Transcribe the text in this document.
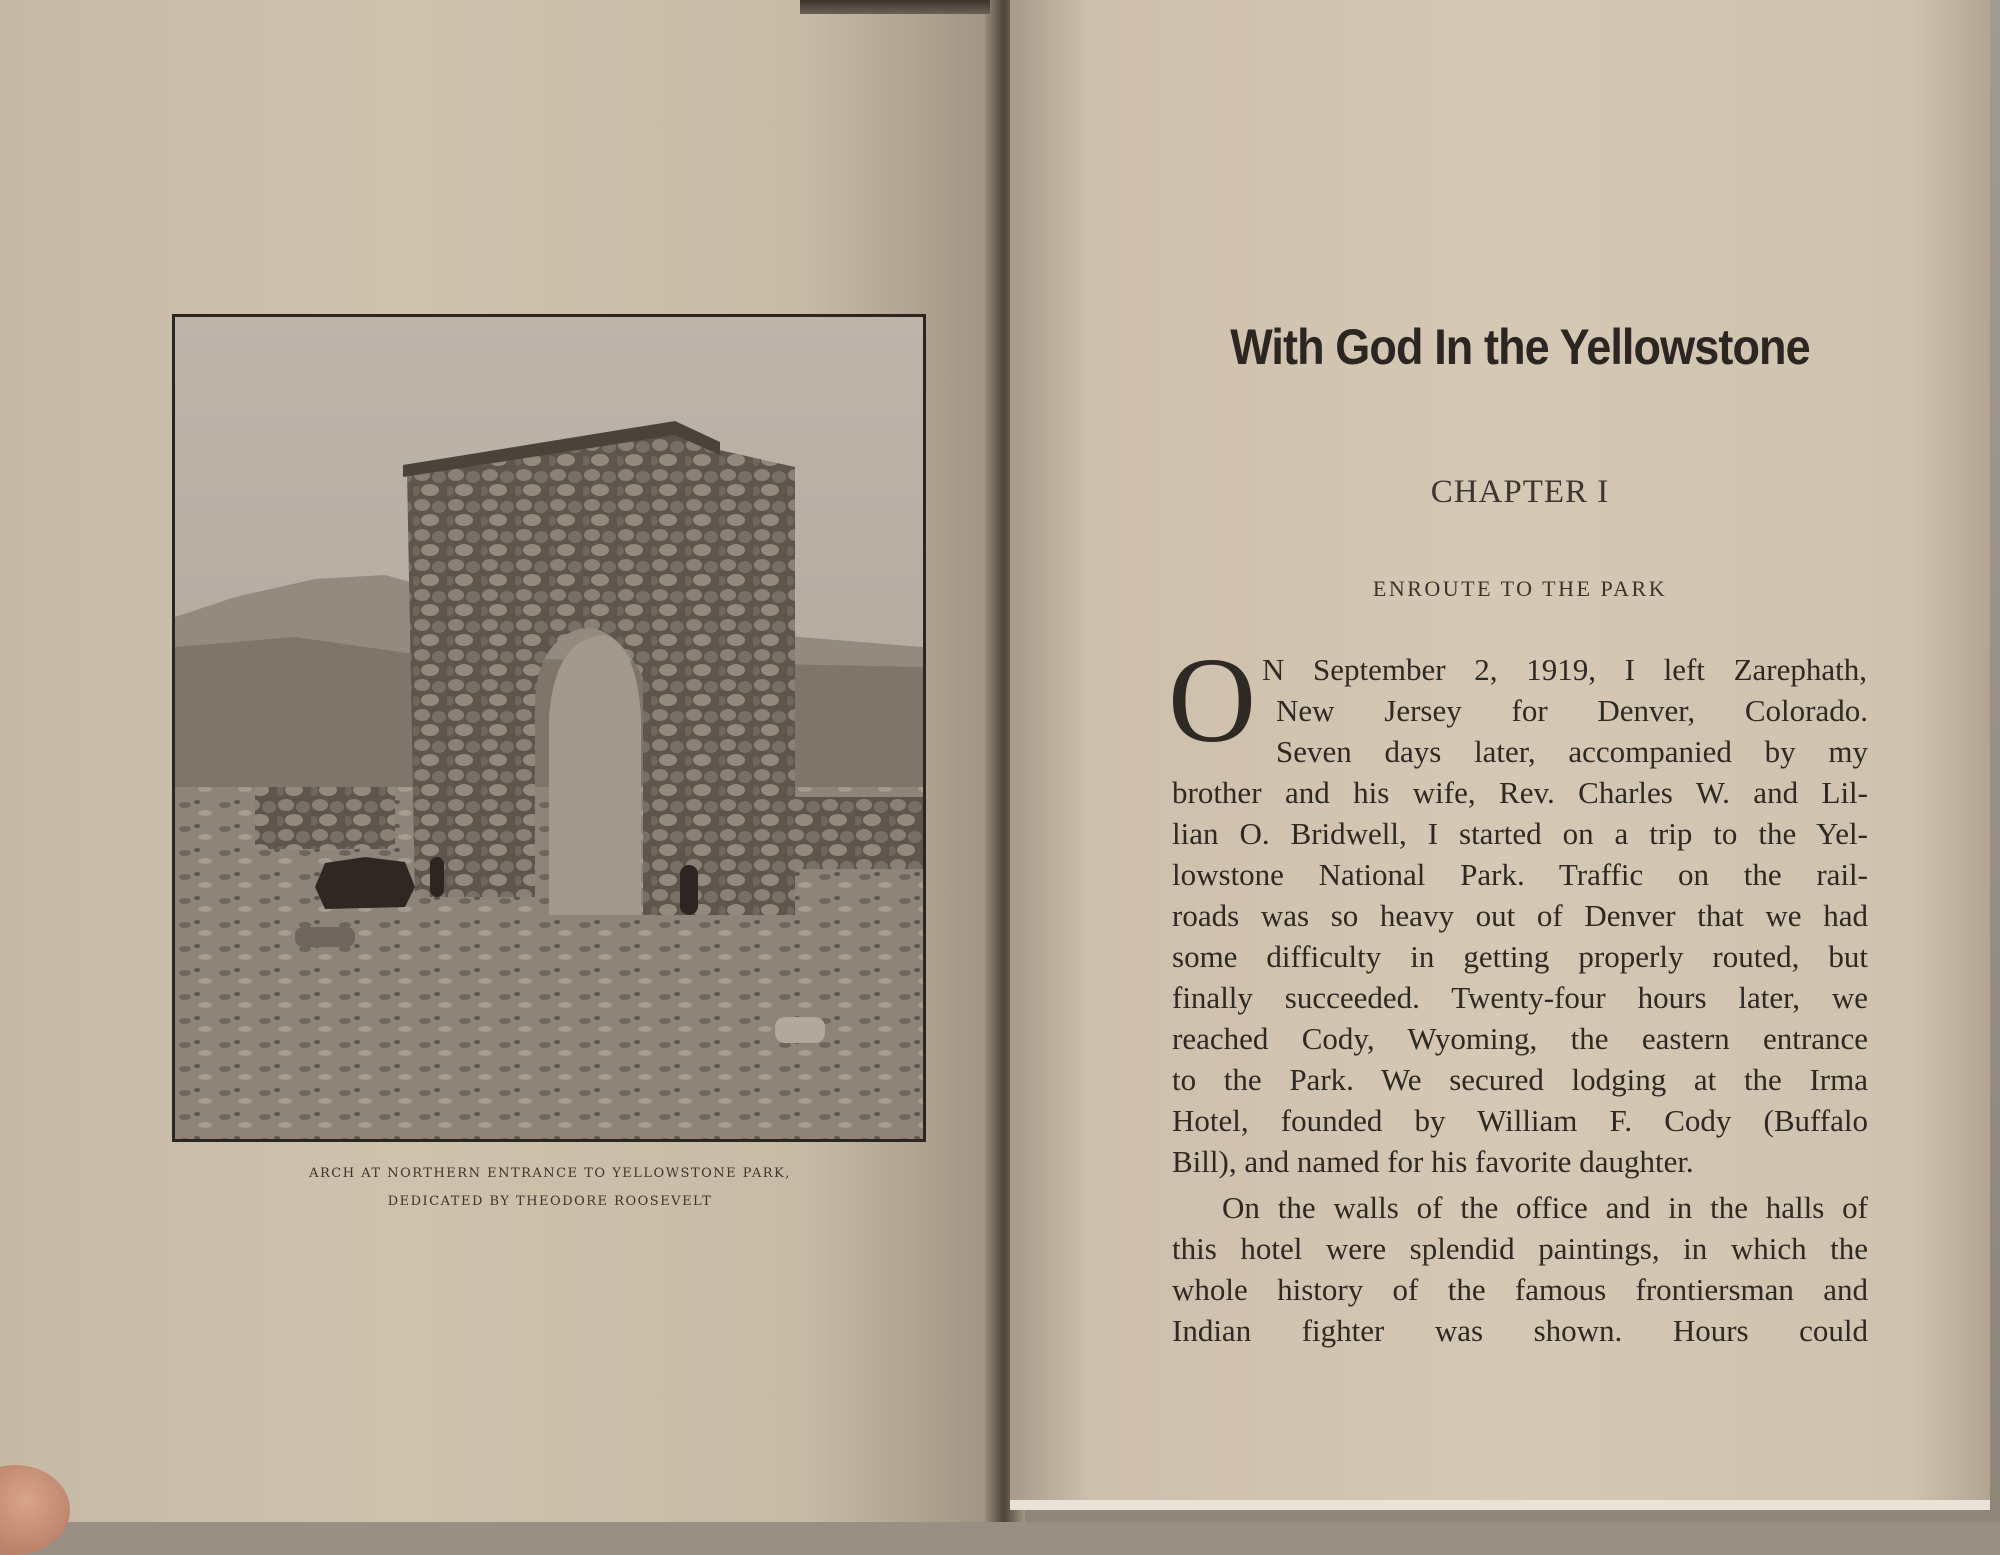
ARCH AT NORTHERN ENTRANCE TO YELLOWSTONE PARK,
DEDICATED BY THEODORE ROOSEVELT
With God In the Yellowstone
CHAPTER I
ENROUTE TO THE PARK
O N September 2, 1919, I left Zarephath,
New Jersey for Denver, Colorado.
Seven days later, accompanied by my
brother and his wife, Rev. Charles W. and Lil-
lian O. Bridwell, I started on a trip to the Yel-
lowstone National Park. Traffic on the rail-
roads was so heavy out of Denver that we had
some difficulty in getting properly routed, but
finally succeeded. Twenty-four hours later, we
reached Cody, Wyoming, the eastern entrance
to the Park. We secured lodging at the Irma
Hotel, founded by William F. Cody (Buffalo
Bill), and named for his favorite daughter.
On the walls of the office and in the halls of
this hotel were splendid paintings, in which the
whole history of the famous frontiersman and
Indian fighter was shown. Hours could
